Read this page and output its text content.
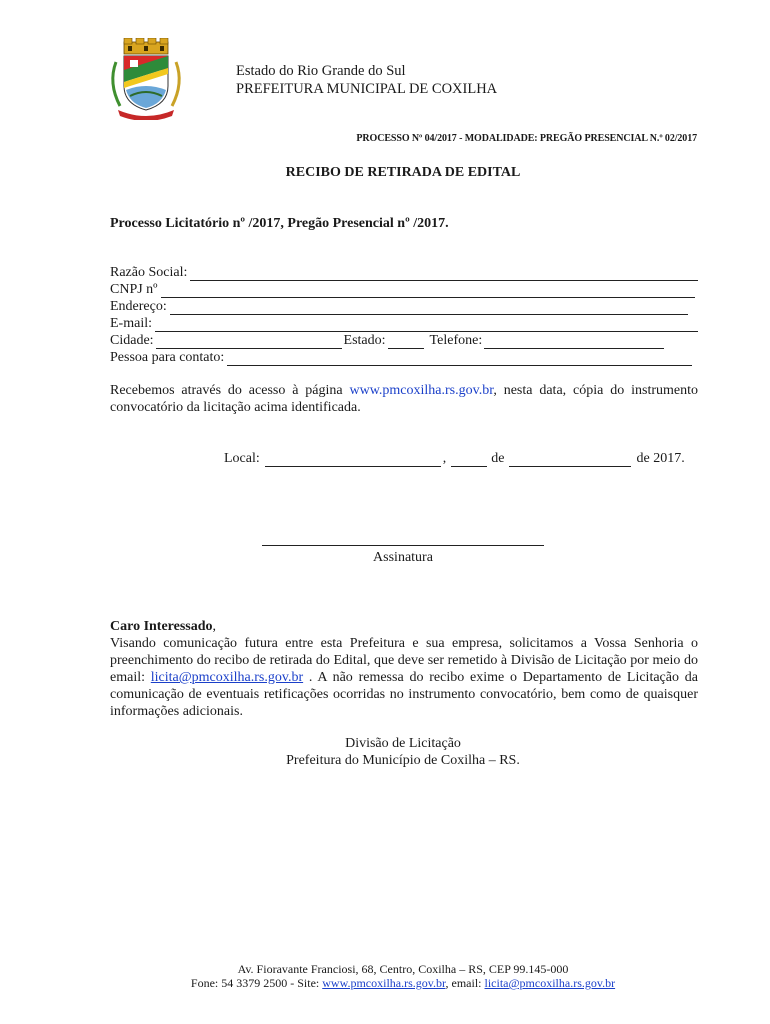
Estado do Rio Grande do Sul
PREFEITURA MUNICIPAL DE COXILHA
PROCESSO Nº 04/2017 - MODALIDADE: PREGÃO PRESENCIAL N.º 02/2017
RECIBO DE RETIRADA DE EDITAL
Processo Licitatório nº /2017, Pregão Presencial nº /2017.
Razão Social:
CNPJ nº
Endereço:
E-mail:
Cidade:	Estado:	Telefone:
Pessoa para contato:
Recebemos através do acesso à página www.pmcoxilha.rs.gov.br, nesta data, cópia do instrumento convocatório da licitação acima identificada.
Local:	,	de	de 2017.
Assinatura
Caro Interessado,
Visando comunicação futura entre esta Prefeitura e sua empresa, solicitamos a Vossa Senhoria o preenchimento do recibo de retirada do Edital, que deve ser remetido à Divisão de Licitação por meio do email: licita@pmcoxilha.rs.gov.br . A não remessa do recibo exime o Departamento de Licitação da comunicação de eventuais retificações ocorridas no instrumento convocatório, bem como de quaisquer informações adicionais.
Divisão de Licitação
Prefeitura do Município de Coxilha – RS.
Av. Fioravante Franciosi, 68, Centro, Coxilha – RS, CEP 99.145-000
Fone: 54 3379 2500 - Site: www.pmcoxilha.rs.gov.br, email: licita@pmcoxilha.rs.gov.br
